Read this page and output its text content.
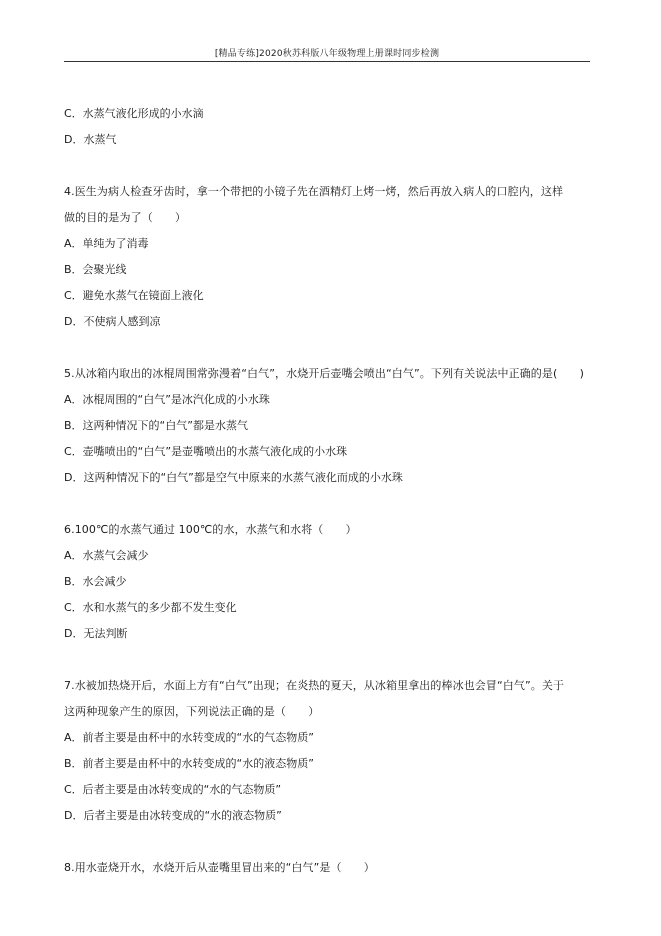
[精品专练]2020秋苏科版八年级物理上册课时同步检测
C．水蒸气液化形成的小水滴
D．水蒸气
4.医生为病人检查牙齿时，拿一个带把的小镜子先在酒精灯上烤一烤，然后再放入病人的口腔内，这样
做的目的是为了（　　）
A．单纯为了消毒
B．会聚光线
C．避免水蒸气在镜面上液化
D．不使病人感到凉
5.从冰箱内取出的冰棍周围常弥漫着“白气”，水烧开后壶嘴会喷出“白气”。下列有关说法中正确的是(　　)
A．冰棍周围的“白气”是冰汽化成的小水珠
B．这两种情况下的“白气”都是水蒸气
C．壶嘴喷出的“白气”是壶嘴喷出的水蒸气液化成的小水珠
D．这两种情况下的“白气”都是空气中原来的水蒸气液化而成的小水珠
6.100℃的水蒸气通过 100℃的水，水蒸气和水将（　　）
A．水蒸气会减少
B．水会减少
C．水和水蒸气的多少都不发生变化
D．无法判断
7.水被加热烧开后，水面上方有“白气”出现；在炎热的夏天，从冰箱里拿出的棒冰也会冒“白气”。关于
这两种现象产生的原因，下列说法正确的是（　　）
A．前者主要是由杯中的水转变成的“水的气态物质”
B．前者主要是由杯中的水转变成的“水的液态物质”
C．后者主要是由冰转变成的“水的气态物质”
D．后者主要是由冰转变成的“水的液态物质”
8.用水壶烧开水，水烧开后从壶嘴里冒出来的“白气”是（　　）
